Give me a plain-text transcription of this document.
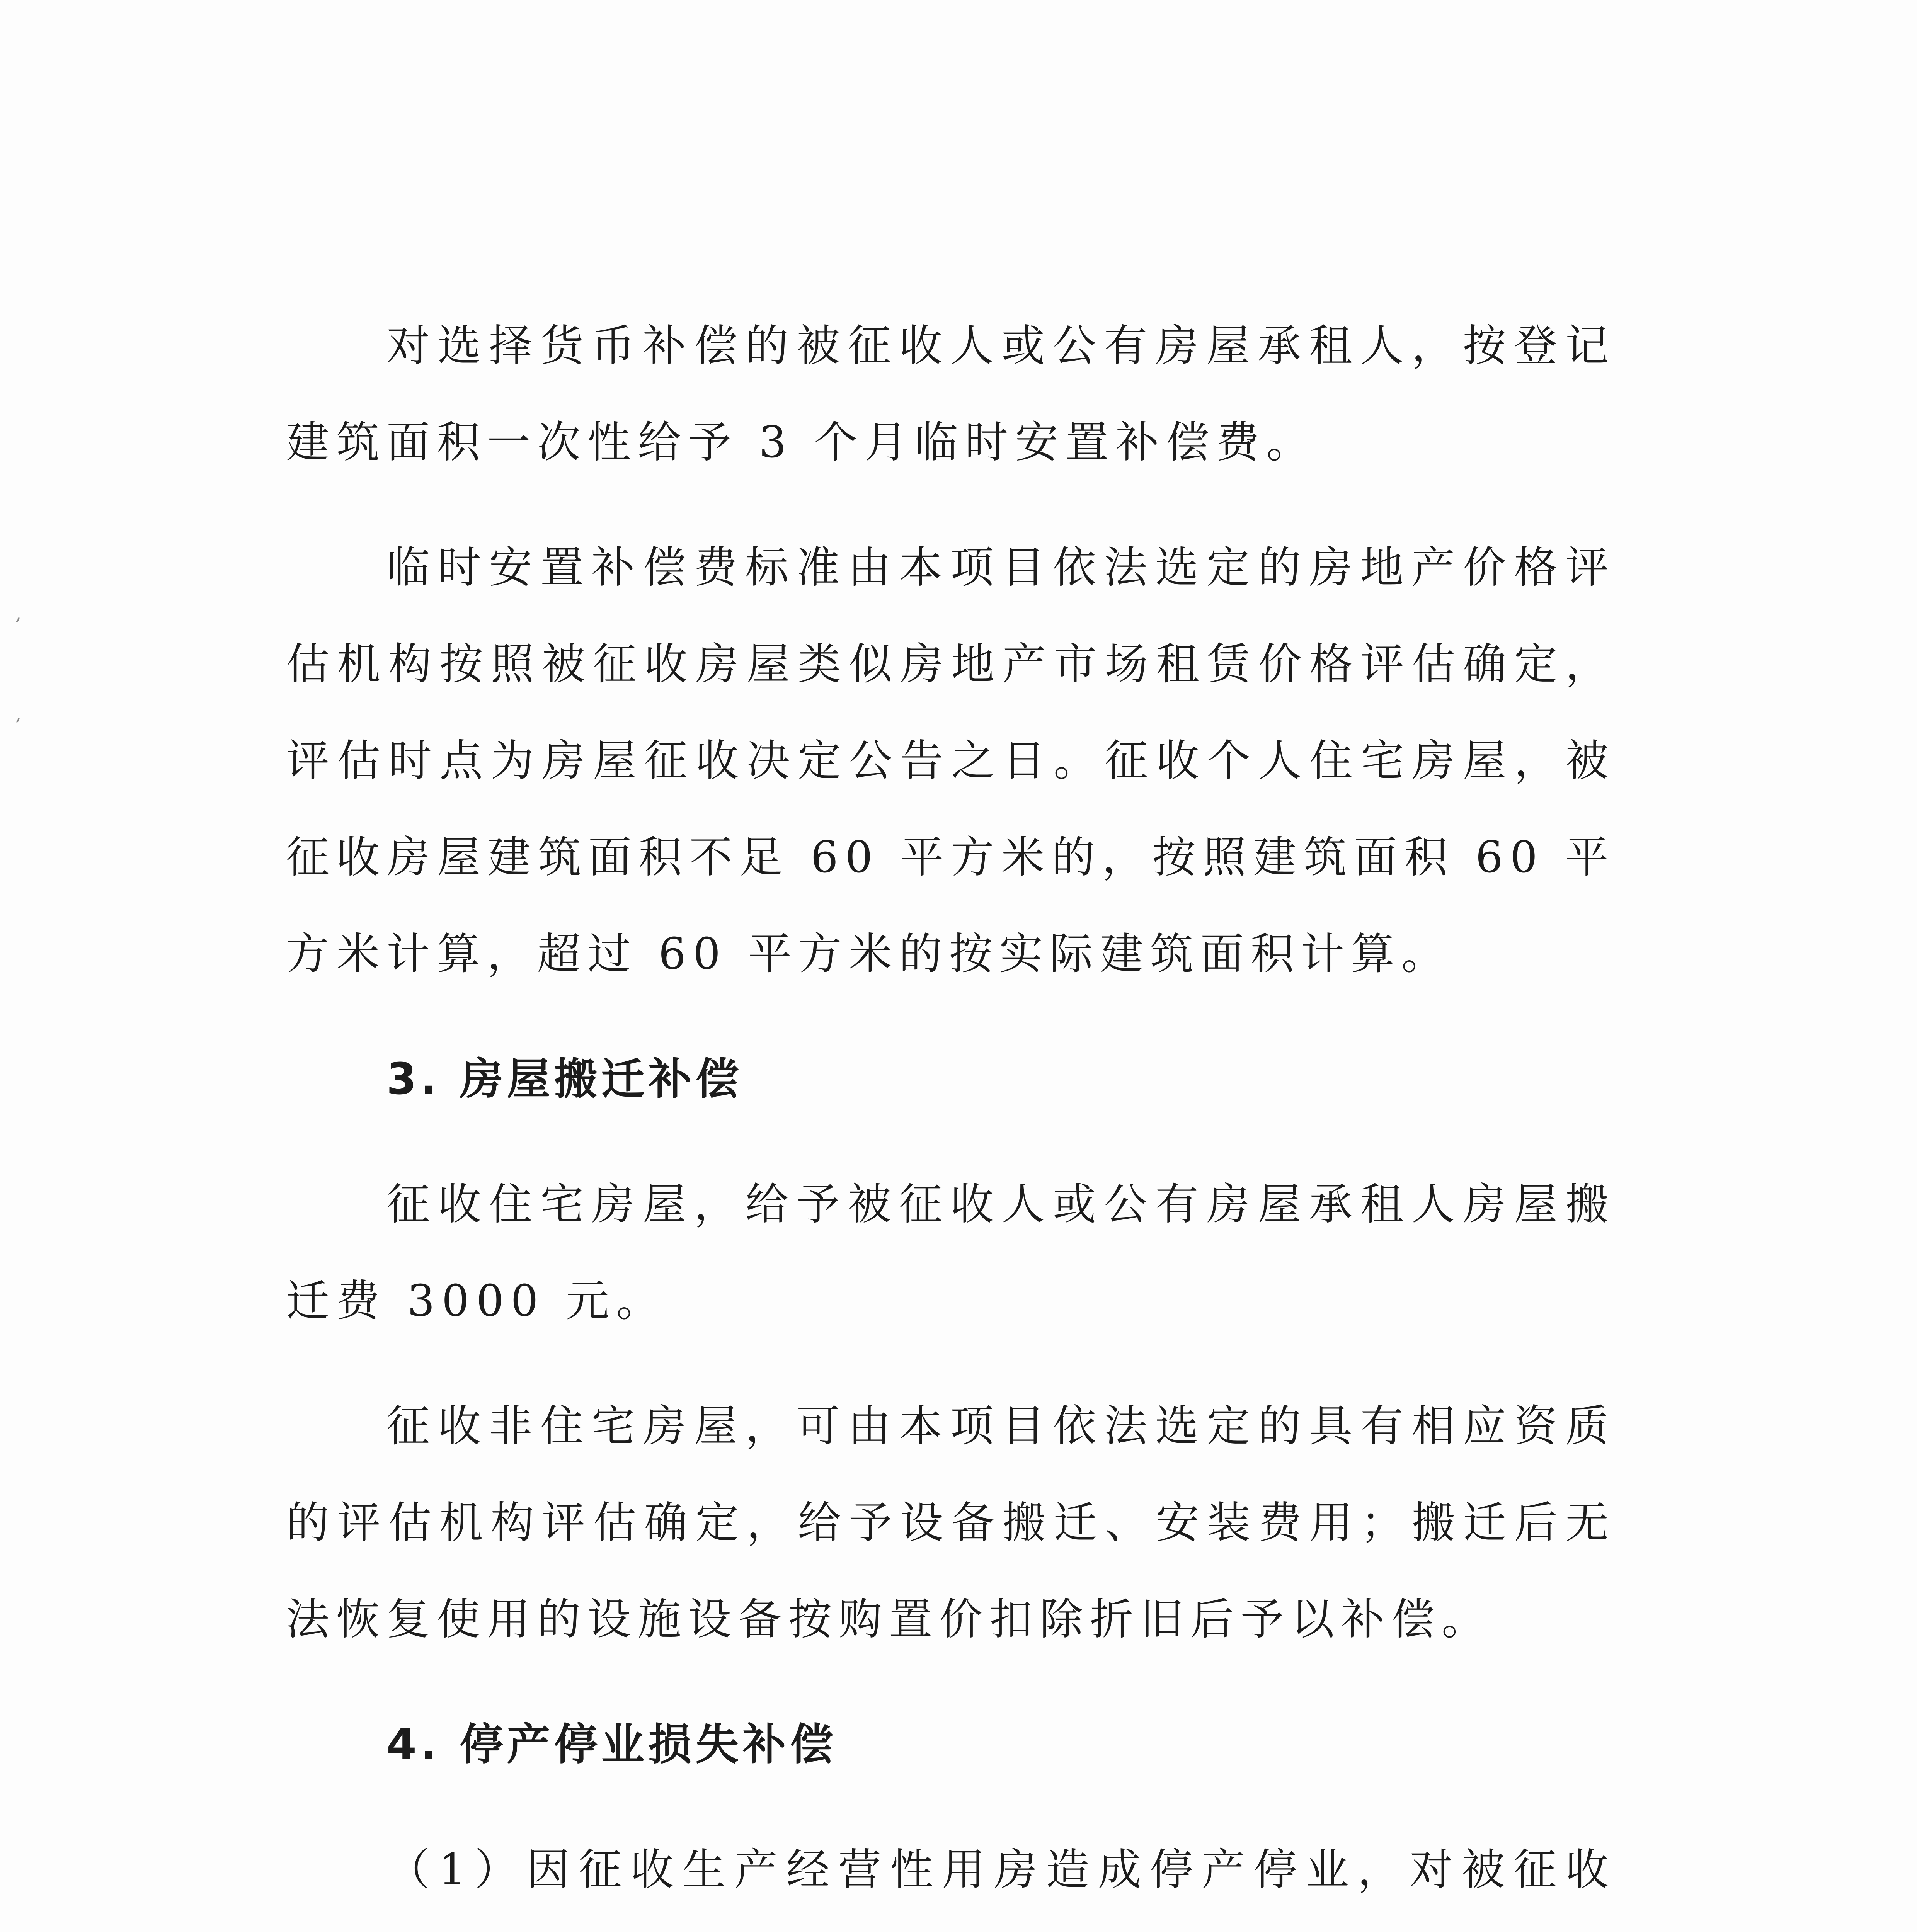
,
,

对选择货币补偿的被征收人或公有房屋承租人，按登记建筑面积一次性给予 3 个月临时安置补偿费。

临时安置补偿费标准由本项目依法选定的房地产价格评估机构按照被征收房屋类似房地产市场租赁价格评估确定，评估时点为房屋征收决定公告之日。征收个人住宅房屋，被征收房屋建筑面积不足 60 平方米的，按照建筑面积 60 平方米计算，超过 60 平方米的按实际建筑面积计算。

3. 房屋搬迁补偿

征收住宅房屋，给予被征收人或公有房屋承租人房屋搬迁费 3000 元。

征收非住宅房屋，可由本项目依法选定的具有相应资质的评估机构评估确定，给予设备搬迁、安装费用；搬迁后无法恢复使用的设施设备按购置价扣除折旧后予以补偿。

4. 停产停业损失补偿

（1）因征收生产经营性用房造成停产停业，对被征收
